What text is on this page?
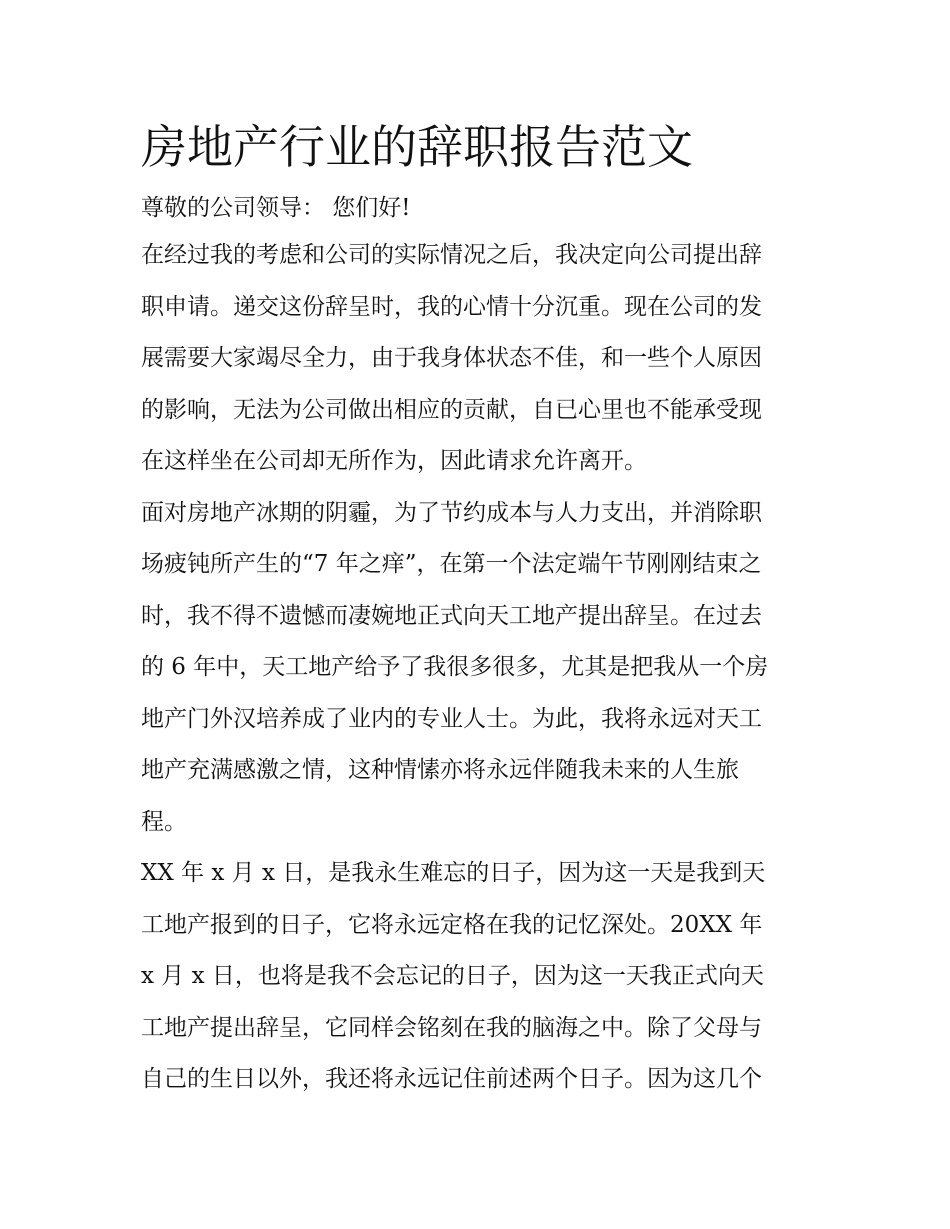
房地产行业的辞职报告范文

尊敬的公司领导： 您们好!

在经过我的考虑和公司的实际情况之后，我决定向公司提出辞
职申请。递交这份辞呈时，我的心情十分沉重。现在公司的发
展需要大家竭尽全力，由于我身体状态不佳，和一些个人原因
的影响，无法为公司做出相应的贡献，自已心里也不能承受现
在这样坐在公司却无所作为，因此请求允许离开。

面对房地产冰期的阴霾，为了节约成本与人力支出，并消除职
场疲钝所产生的“7 年之痒”，在第一个法定端午节刚刚结束之
时，我不得不遗憾而凄婉地正式向天工地产提出辞呈。在过去
的 6 年中，天工地产给予了我很多很多，尤其是把我从一个房
地产门外汉培养成了业内的专业人士。为此，我将永远对天工
地产充满感激之情，这种情愫亦将永远伴随我未来的人生旅
程。

XX 年 x 月 x 日，是我永生难忘的日子，因为这一天是我到天
工地产报到的日子，它将永远定格在我的记忆深处。20XX 年
x 月 x 日，也将是我不会忘记的日子，因为这一天我正式向天
工地产提出辞呈，它同样会铭刻在我的脑海之中。除了父母与
自己的生日以外，我还将永远记住前述两个日子。因为这几个
